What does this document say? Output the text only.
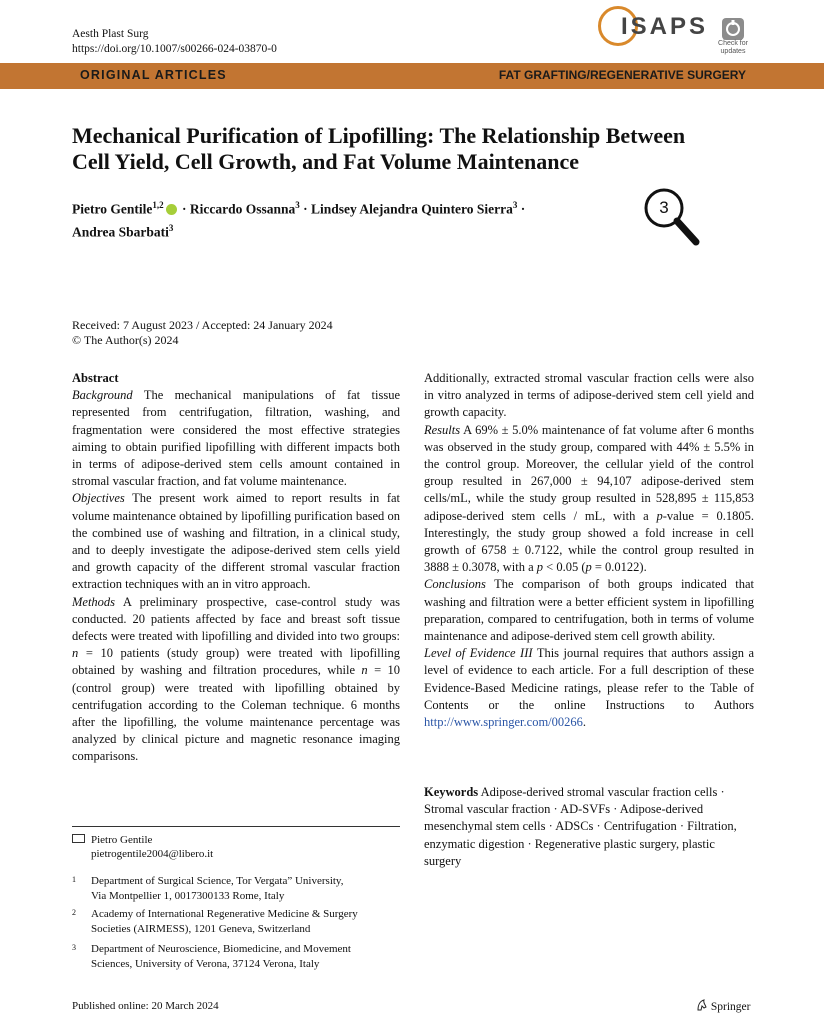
Aesth Plast Surg
https://doi.org/10.1007/s00266-024-03870-0
ISAPS
Check for
updates
ORIGINAL ARTICLES	FAT GRAFTING/REGENERATIVE SURGERY
Mechanical Purification of Lipofilling: The Relationship Between
Cell Yield, Cell Growth, and Fat Volume Maintenance
Pietro Gentile$^{1,2}$ · Riccardo Ossanna$^3$ · Lindsey Alejandra Quintero Sierra$^3$ ·
Andrea Sbarbati$^3$
3
Received: 7 August 2023 / Accepted: 24 January 2024
© The Author(s) 2024

Abstract

Background The mechanical manipulations of fat tissue represented from centrifugation, filtration, washing, and fragmentation were considered the most effective strategies aiming to obtain purified lipofilling with different impacts both in terms of adipose-derived stem cells amount contained in stromal vascular fraction, and fat volume maintenance.

Objectives The present work aimed to report results in fat volume maintenance obtained by lipofilling purification based on the combined use of washing and filtration, in a clinical study, and to deeply investigate the adipose-derived stem cells yield and growth capacity of the different stromal vascular fraction extraction techniques with an in vitro approach.

Methods A preliminary prospective, case-control study was conducted. 20 patients affected by face and breast soft tissue defects were treated with lipofilling and divided into two groups: n = 10 patients (study group) were treated with lipofilling obtained by washing and filtration procedures, while n = 10 (control group) were treated with lipofilling obtained by centrifugation according to the Coleman technique. 6 months after the lipofilling, the volume maintenance percentage was analyzed by clinical picture and magnetic resonance imaging comparisons.

Additionally, extracted stromal vascular fraction cells were also in vitro analyzed in terms of adipose-derived stem cell yield and growth capacity.

Results A 69% ± 5.0% maintenance of fat volume after 6 months was observed in the study group, compared with 44% ± 5.5% in the control group. Moreover, the cellular yield of the control group resulted in 267,000 ± 94,107 adipose-derived stem cells/mL, while the study group resulted in 528,895 ± 115,853 adipose-derived stem cells / mL, with a p-value = 0.1805. Interestingly, the study group showed a fold increase in cell growth of 6758 ± 0.7122, while the control group resulted in 3888 ± 0.3078, with a p < 0.05 (p = 0.0122).

Conclusions The comparison of both groups indicated that washing and filtration were a better efficient system in lipofilling preparation, compared to centrifugation, both in terms of volume maintenance and adipose-derived stem cell growth ability.

Level of Evidence III This journal requires that authors assign a level of evidence to each article. For a full description of these Evidence-Based Medicine ratings, please refer to the Table of Contents or the online Instructions to Authors http://www.springer.com/00266.

Keywords Adipose-derived stromal vascular fraction cells · Stromal vascular fraction · AD-SVFs · Adipose-derived mesenchymal stem cells · ADSCs · Centrifugation · Filtration, enzymatic digestion · Regenerative plastic surgery, plastic surgery
Pietro Gentile
pietrogentile2004@libero.it
1 Department of Surgical Science, Tor Vergata” University,
Via Montpellier 1, 0017300133 Rome, Italy
2 Academy of International Regenerative Medicine & Surgery
Societies (AIRMESS), 1201 Geneva, Switzerland
3 Department of Neuroscience, Biomedicine, and Movement
Sciences, University of Verona, 37124 Verona, Italy
Published online: 20 March 2024	Springer
